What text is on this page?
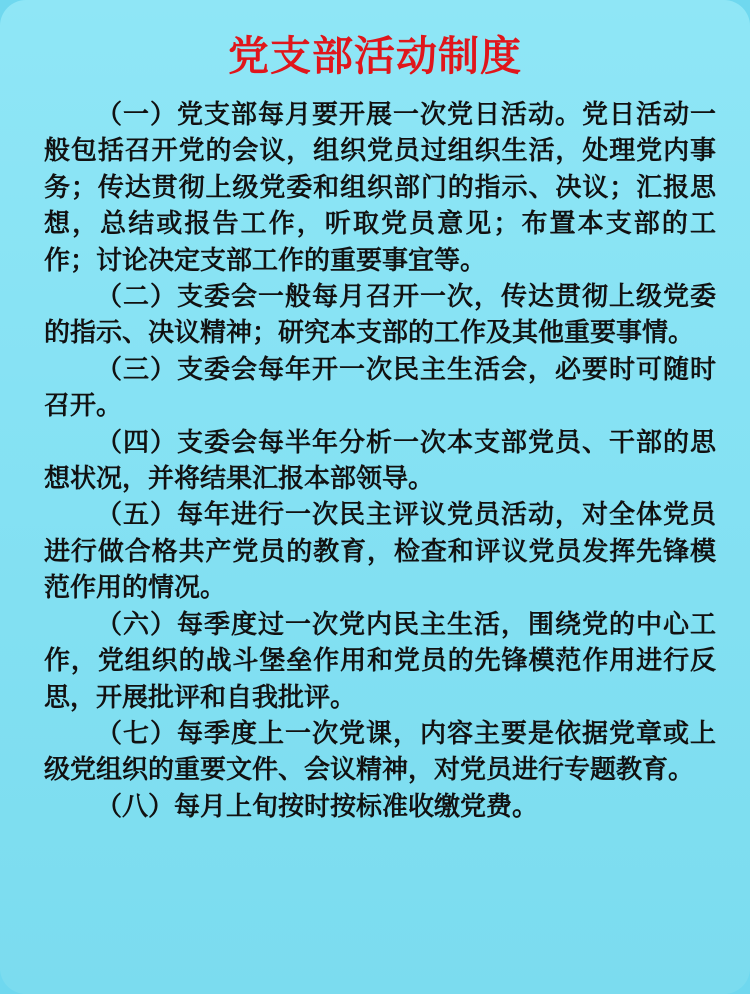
党支部活动制度

（一）党支部每月要开展一次党日活动。党日活动一般包括召开党的会议，组织党员过组织生活，处理党内事务；传达贯彻上级党委和组织部门的指示、决议；汇报思想，总结或报告工作，听取党员意见；布置本支部的工作；讨论决定支部工作的重要事宜等。

（二）支委会一般每月召开一次，传达贯彻上级党委的指示、决议精神；研究本支部的工作及其他重要事情。

（三）支委会每年开一次民主生活会，必要时可随时召开。

（四）支委会每半年分析一次本支部党员、干部的思想状况，并将结果汇报本部领导。

（五）每年进行一次民主评议党员活动，对全体党员进行做合格共产党员的教育，检查和评议党员发挥先锋模范作用的情况。

（六）每季度过一次党内民主生活，围绕党的中心工作，党组织的战斗堡垒作用和党员的先锋模范作用进行反思，开展批评和自我批评。

（七）每季度上一次党课，内容主要是依据党章或上级党组织的重要文件、会议精神，对党员进行专题教育。

（八）每月上旬按时按标准收缴党费。
